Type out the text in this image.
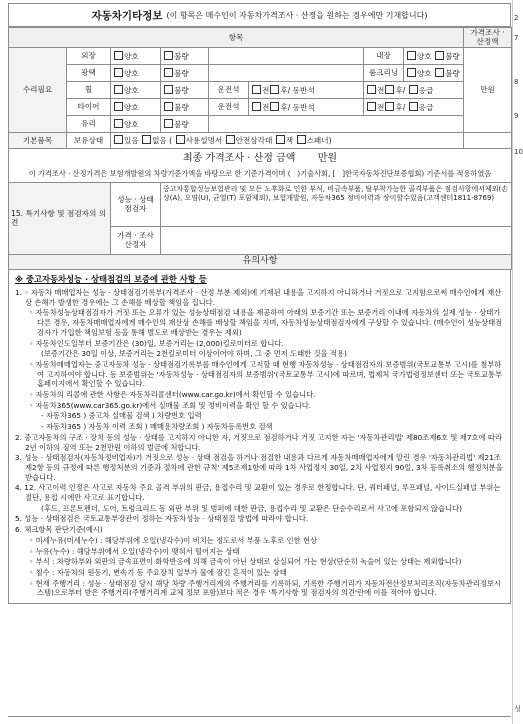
자동차기타정보 (이 항목은 매수인이 자동차가격조사 · 산정을 원하는 경우에만 기재합니다)
항목								가격조사 · 산정액
수리필요	외장	양호	불량			내장	양호 불량	만원
	광택	양호	불량			룸크리닝	양호 불량	
	휠	양호	불량	운전석	전 후/ 동반석	전 후/ 응급		
	타이어	양호	불량	운전석	전 후/ 동반석	전 후/ 응급		
	유리	양호	불량					
기본품목	보유상태	있음 없음 ( 사용설명서 안전삼각대 잭 스패너)						

최종 가격조사 · 산정 금액 만원
이 가격조사 · 산정가격은 보험개발원의 차량기준가액을 바탕으로 한 기준가격이며 (   )기술사회, [ ]한국자동차진단보증협회) 기준서를 적용하였음								

15. 특기사항 및 점검자의 의견		성능 · 상태 점검자	중고차통합성능보험관리 및 모든 노후화로 인한 부식, 비금속부품, 탈부착가능한 골격부품은 점검사항에서제외(손상(A), 오염(U), 균열(T) 포함제외), 보험개발원, 자동차365 정비이력과 상이할수있음(고객센터1811-8769)					
		가격 · 조사 산정자						
유의사항								
※ 중고자동차성능 · 상태점검의 보증에 관한 사항 등

1. ◦ 자동차 매매업자는 성능 · 상태점검기록부(가격조사 · 산정 부분 제외)에 기재된 내용을 고지하지 아니하거나 거짓으로 고지함으로써 매수인에게 재산상 손해가 발생한 경우에는 그 손해를 배상할 책임을 집니다.

◦ 자동차성능상태점검자가 거짓 또는 오류가 있는 성능상태점검 내용을 제공하여 아래의 보증기간 또는 보증거리 이내에 자동차의 실제 성능 · 상태가 다른 경우, 자동차매매업자에게 매수인의 재산상 손해를 배상할 책임을 지며, 자동차성능상태점검자에게 구상할 수 있습니다. (매수인이 성능상태점검자가 가입한 책임보험 등을 통해 별도로 배상받는 경우는 제외)

◦ 자동차인도일부터 보증기간은 (30)일, 보증거리는 (2,000)킬로미터로 합니다.

(보증기간은 30일 이상, 보증거리는 2천킬로미터 이상이어야 하며, 그 중 먼저 도래한 것을 적용)

◦ 자동차매매업자는 중고자동차 성능 · 상태점검기록부를 매수인에게 고지할 때 현행 자동차성능 · 상태점검자의 보증범위(국토교통부 고시)를 첨부하여 고지하여야 합니다. 등 보증범위는 '자동차성능 · 상태점검자의 보증범위'(국토교통부 고시)에 따르며, 법제처 국가법령정보센터 또는 국토교통부 홈페이지에서 확인할 수 있습니다.

◦ 자동차의 리콜에 관한 사항은 자동차리콜센터(www.car.go.kr)에서 확인할 수 있습니다.

◦ 자동차365(www.car365.go.kr)에서 실매물 조회 및 정비이력을 확인 할 수 있습니다.

- 자동차365 ) 중고차 실매물 검색 ) 차량번호 입력

- 자동차365 ) 자동차 이력 조회 ) 매매용차량조회 ) 자동차등록번호 검색

2. 중고자동차의 구조 · 장치 등의 성능 · 상태를 고지하지 아니한 자, 거짓으로 점검하거나 거짓 고지한 자는 '자동차관리법' 제80조제6호 및 제7호에 따라 2년 이하의 징역 또는 2천만원 이하의 벌금에 처합니다.

3. 성능 · 상태점검자(자동차정비업자)가 거짓으로 성능 · 상태 점검을 하거나 점검한 내용과 다르게 자동차매매업자에게 알린 경우 '자동차관리법' 제21조제2항 등의 규정에 따른 행정처분의 기준과 절차에 관한 규칙' 제5조제1항에 따라 1차 사업정지 30일, 2차 사업정지 90일, 3차 등록취소의 행정처분을 받습니다.

4. 12. 사고이력 인정은 사고로 자동차 주요 골격 부위의 판금, 용접수리 및 교환이 있는 경우로 한정합니다. 단, 쿼터패널, 루프패널, 사이드실패널 부위는 절단, 용접 시에만 사고로 표기합니다.

(후드, 프론트펜더, 도어, 트렁크리드 등 외판 부위 및 범퍼에 대한 판금, 용접수리 및 교환은 단순수리로서 사고에 포함되지 않습니다)

5. 성능 · 상태점검은 국토교통부장관이 정하는 자동차성능 · 상태점검 방법에 따라야 합니다.

6. 체크항목 판단기준(예시)

◦ 미세누유(미세누수) : 해당부위에 오일(냉각수)이 비치는 정도로서 부품 노후로 인한 현상

◦ 누유(누수) : 해당부위에서 오일(냉각수)이 맺혀서 떨어지는 상태

◦ 부식 : 차량하부와 외판의 금속표면이 화학반응에 의해 금속이 아닌 상태로 상실되어 가는 현상(단순히 녹슬어 있는 상태는 제외합니다)

◦ 침수 : 자동차의 원동기, 변속기 등 주요장치 일부가 물에 잠긴 흔적이 있는 상태

◦ 현재 주행거리 : 성능 · 상태점검 당시 해당 차량 주행거리계의 주행거리를 기록하되, 기록한 주행거리가 자동차전산정보처리조직(자동차관리정보시스템)으로부터 받은 주행거리(주행거리계 교체 정보 포함)보다 적은 경우 '특기사항 및 점검자의 의견'란에 이를 적어야 합니다.

2
7
8
9
10
성
